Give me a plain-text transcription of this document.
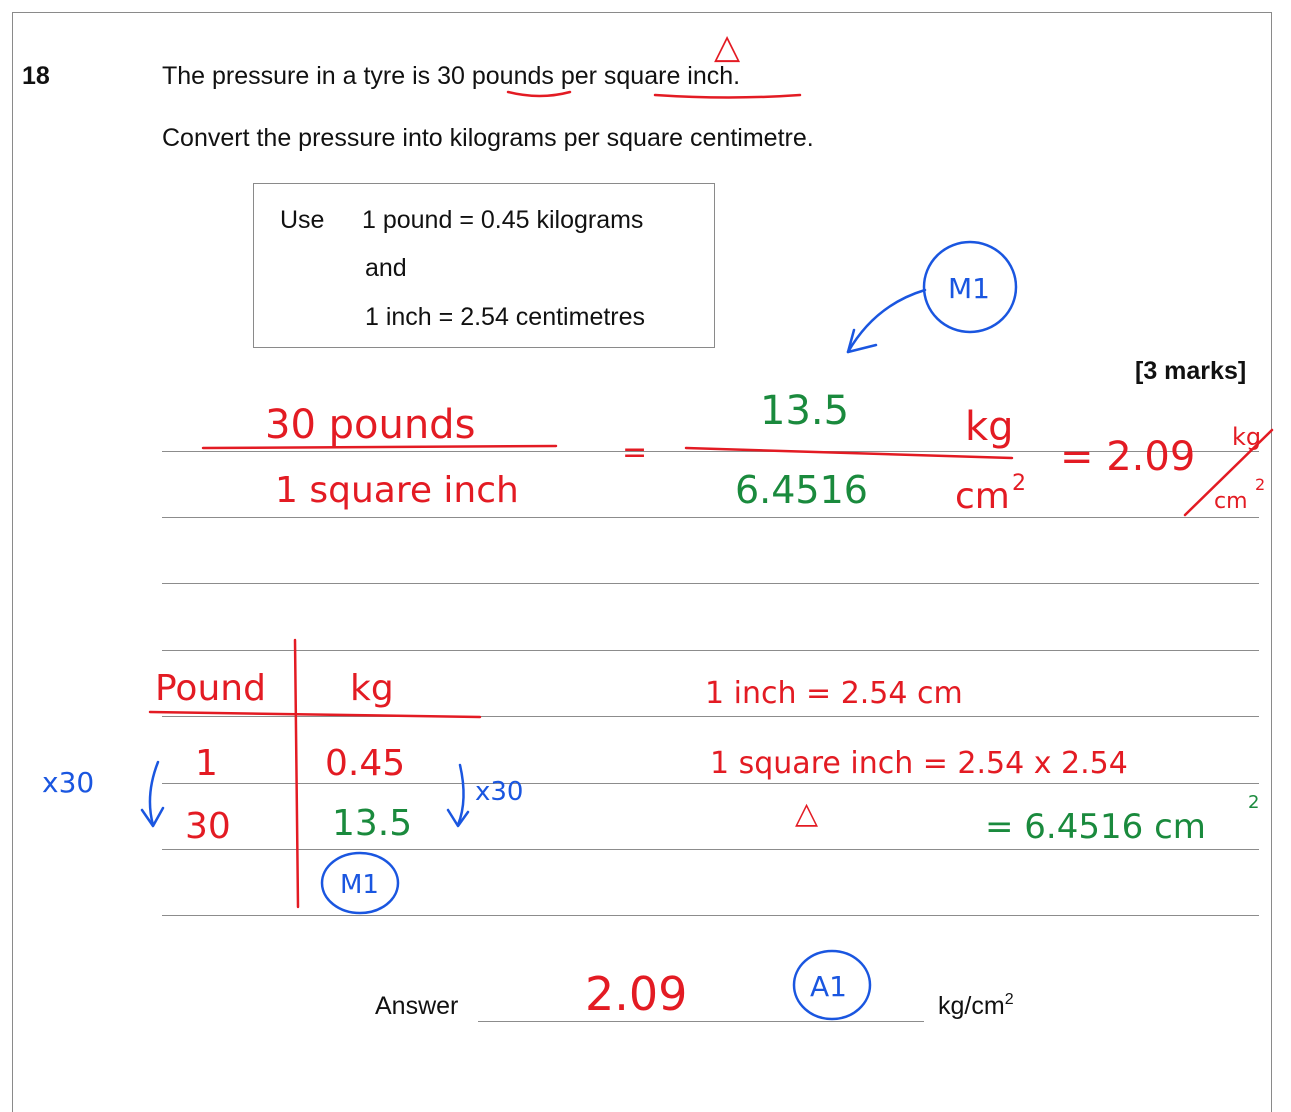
18	The pressure in a tyre is 30 pounds per square inch.
Convert the pressure into kilograms per square centimetre.
Use 1 pound = 0.45 kilograms
and
1 inch = 2.54 centimetres
[3 marks]
Answer	$kg/cm^2$
△
30 pounds
1 square inch
=
13.5
6.4516
kg
cm 2
= 2.09 kg
cm
2
M1
Pound kg
1	0.45
30	13.5
x30	x30
M1
1 inch = 2.54 cm
1 square inch = 2.54 x 2.54
△	= 6.4516 cm
2
2.09	A1
